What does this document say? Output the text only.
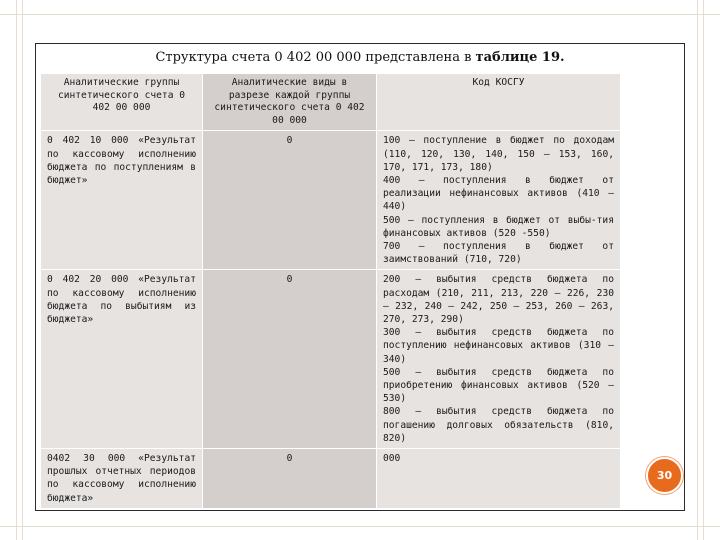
Структура счета 0 402 00 000 представлена в таблице 19.
Аналитические группы синтетического счета 0 402 00 000	Аналитические виды в разрезе каждой группы синтетического счета 0 402 00 000	Код КОСГУ
0 402 10 000 «Результат по кассовому исполнению бюджета по поступлениям в бюджет»	0	100 – поступление в бюджет по доходам (110, 120, 130, 140, 150 – 153, 160, 170, 171, 173, 180)
400 – поступления в бюджет от реализации нефинансовых активов (410 – 440)
500 – поступления в бюджет от выбы-тия финансовых активов (520 -550)
700 – поступления в бюджет от заимствований (710, 720)
0 402 20 000 «Результат по кассовому исполнению бюджета по выбытиям из бюджета»	0	200 – выбытия средств бюджета по расходам (210, 211, 213, 220 – 226, 230 – 232, 240 – 242, 250 – 253, 260 – 263, 270, 273, 290)
300 – выбытия средств бюджета по поступлению нефинансовых активов (310 – 340)
500 – выбытия средств бюджета по приобретению финансовых активов (520 – 530)
800 – выбытия средств бюджета по погашению долговых обязательств (810, 820)
0402 30 000 «Результат прошлых отчетных периодов по кассовому исполнению бюджета»	0	000
30
